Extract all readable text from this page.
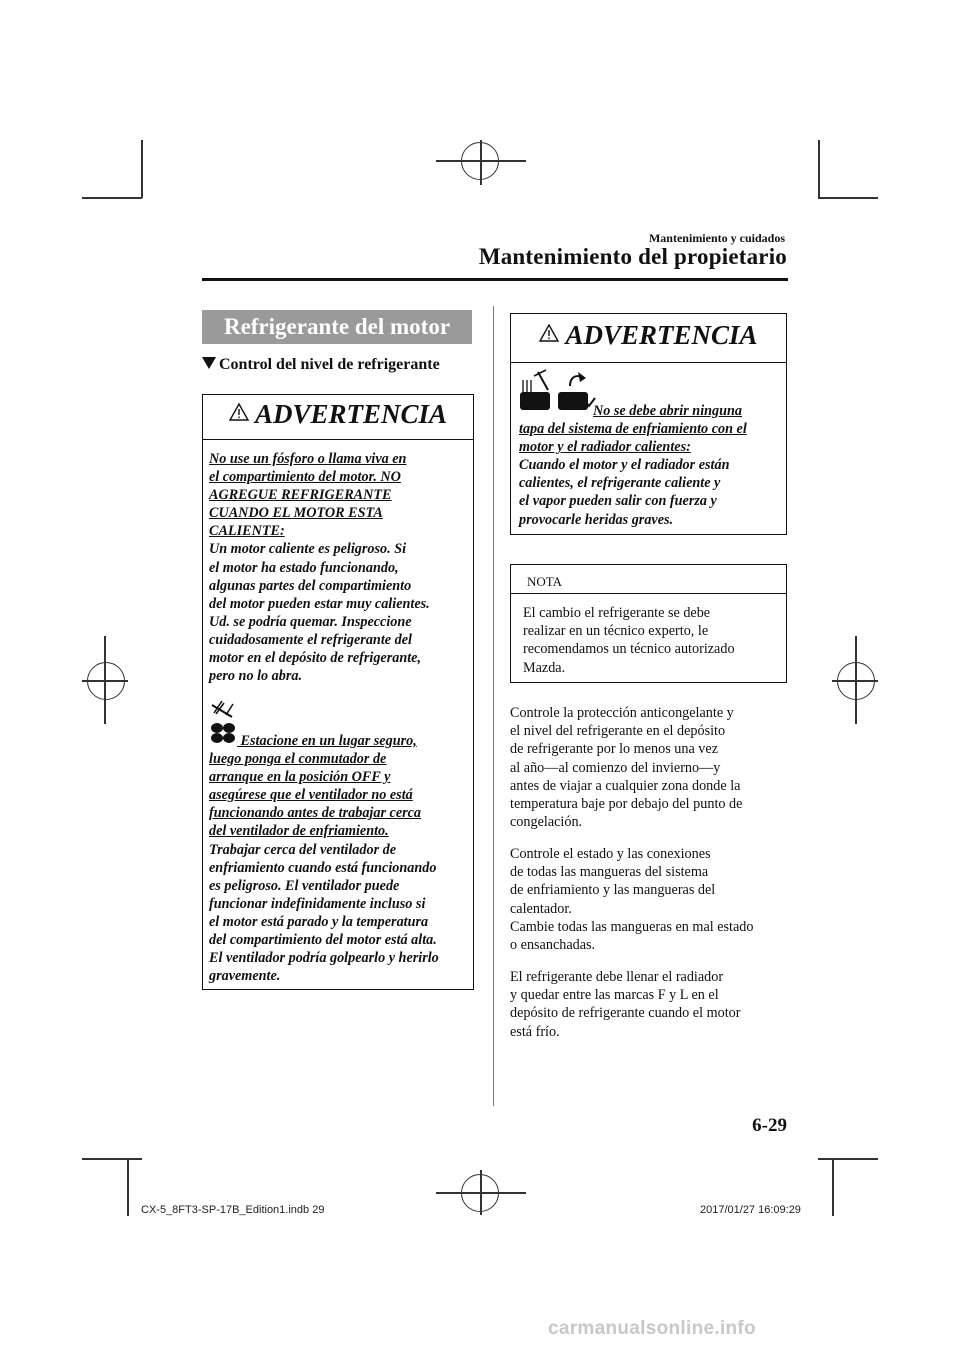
Mantenimiento y cuidados
Mantenimiento del propietario
Refrigerante del motor
Control del nivel de refrigerante
ADVERTENCIA
No use un fósforo o llama viva en
el compartimiento del motor. NO
AGREGUE REFRIGERANTE
CUANDO EL MOTOR ESTA
CALIENTE:
Un motor caliente es peligroso. Si
el motor ha estado funcionando,
algunas partes del compartimiento
del motor pueden estar muy calientes.
Ud. se podría quemar. Inspeccione
cuidadosamente el refrigerante del
motor en el depósito de refrigerante,
pero no lo abra.
Estacione en un lugar seguro,
luego ponga el conmutador de
arranque en la posición OFF y
asegúrese que el ventilador no está
funcionando antes de trabajar cerca
del ventilador de enfriamiento.
Trabajar cerca del ventilador de
enfriamiento cuando está funcionando
es peligroso. El ventilador puede
funcionar indefinidamente incluso si
el motor está parado y la temperatura
del compartimiento del motor está alta.
El ventilador podría golpearlo y herirlo
gravemente.
ADVERTENCIA
No se debe abrir ninguna
tapa del sistema de enfriamiento con el
motor y el radiador calientes:
Cuando el motor y el radiador están
calientes, el refrigerante caliente y
el vapor pueden salir con fuerza y
provocarle heridas graves.
NOTA
El cambio el refrigerante se debe
realizar en un técnico experto, le
recomendamos un técnico autorizado
Mazda.
Controle la protección anticongelante y
el nivel del refrigerante en el depósito
de refrigerante por lo menos una vez
al año—al comienzo del invierno—y
antes de viajar a cualquier zona donde la
temperatura baje por debajo del punto de
congelación.
Controle el estado y las conexiones
de todas las mangueras del sistema
de enfriamiento y las mangueras del
calentador.
Cambie todas las mangueras en mal estado
o ensanchadas.
El refrigerante debe llenar el radiador
y quedar entre las marcas F y L en el
depósito de refrigerante cuando el motor
está frío.
6-29
CX-5_8FT3-SP-17B_Edition1.indb 29	2017/01/27 16:09:29
carmanualsonline.info
